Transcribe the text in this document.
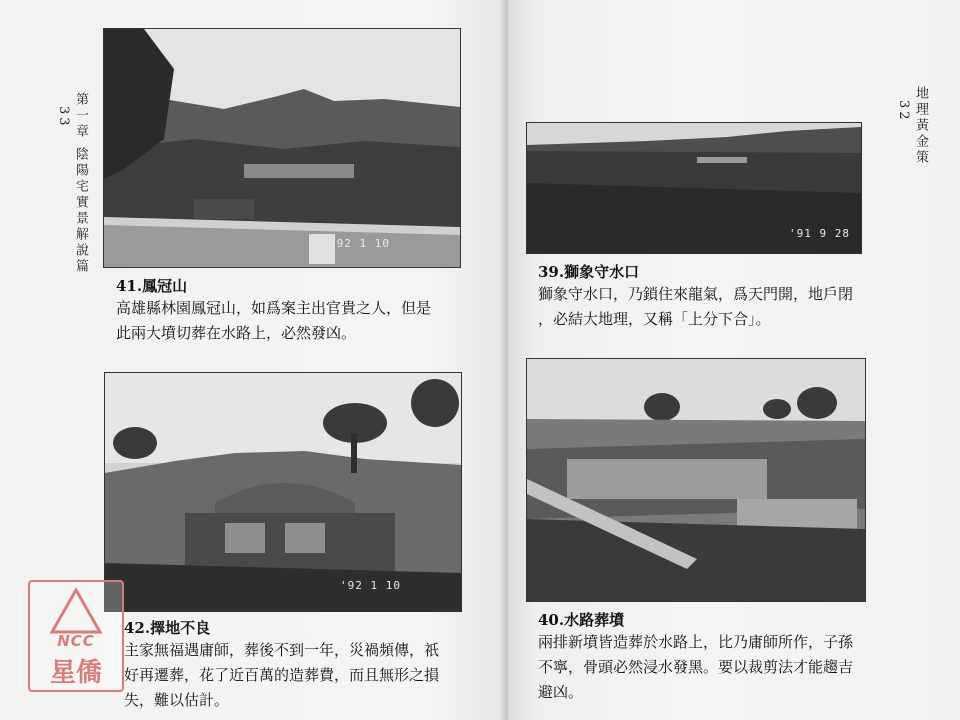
第一章 陰陽宅實景解說篇
33
'92 1 10
41.鳳冠山

高雄縣林園鳳冠山，如爲案主出官貴之人，但是

此兩大墳切葬在水路上，必然發凶。

'92 1 10
42.擇地不良

主家無福遇庸師，葬後不到一年，災禍頻傳，祇

好再遷葬，花了近百萬的造葬費，而且無形之損

失，難以估計。

地理黃金策
32
'91 9 28
39.獅象守水口

獅象守水口，乃鎖住來龍氣，爲天門開，地戶閉

，必結大地理，又稱「上分下合」。

40.水路葬墳

兩排新墳皆造葬於水路上，比乃庸師所作，子孫

不寧，骨頭必然浸水發黑。要以裁剪法才能趨吉

避凶。

NCC
星僑
